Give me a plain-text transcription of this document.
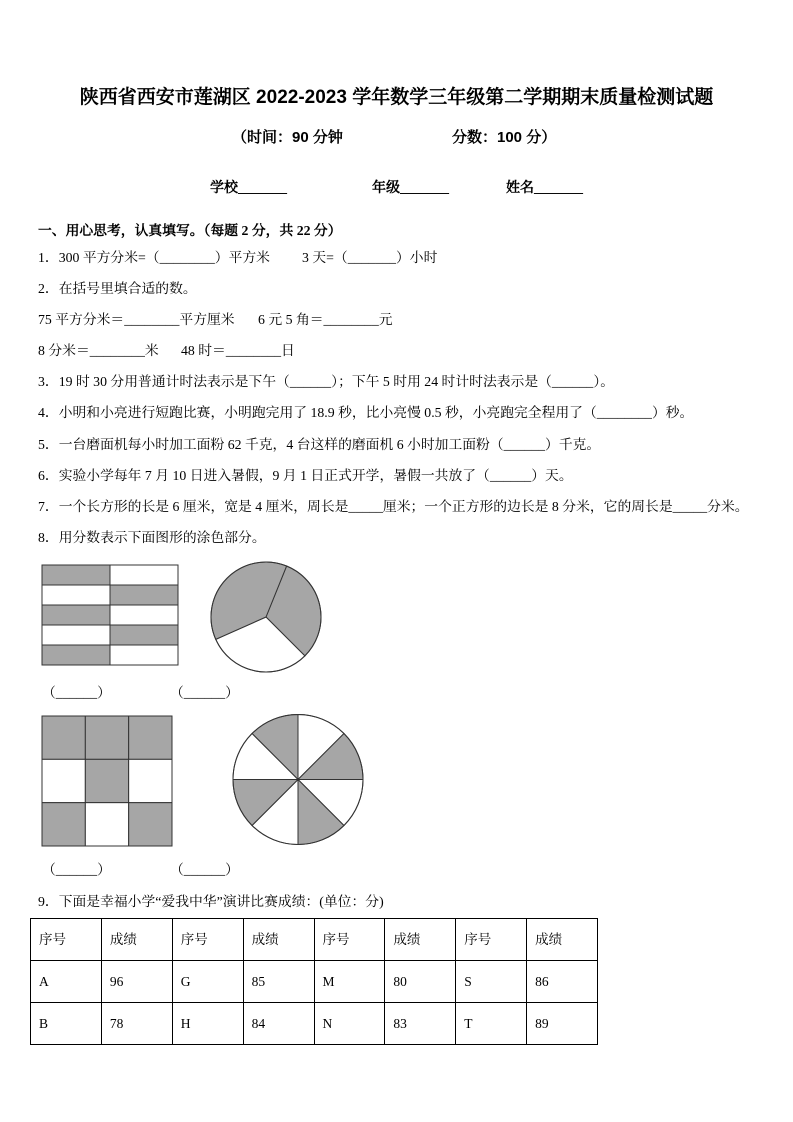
陕西省西安市莲湖区 2022-2023 学年数学三年级第二学期期末质量检测试题
（时间：90 分钟	分数：100 分）
学校_______	年级_______	姓名_______
一、用心思考，认真填写。（每题 2 分，共 22 分）
1．300 平方分米=（________）平方米 3 天=（_______）小时
2．在括号里填合适的数。
75 平方分米＝________平方厘米 6 元 5 角＝________元
8 分米＝________米 48 时＝________日
3．19 时 30 分用普通计时法表示是下午（______）；下午 5 时用 24 时计时法表示是（______）。
4．小明和小亮进行短跑比赛，小明跑完用了 18.9 秒，比小亮慢 0.5 秒，小亮跑完全程用了（________）秒。
5．一台磨面机每小时加工面粉 62 千克，4 台这样的磨面机 6 小时加工面粉（______）千克。
6．实验小学每年 7 月 10 日进入暑假，9 月 1 日正式开学，暑假一共放了（______）天。
7．一个长方形的长是 6 厘米，宽是 4 厘米，周长是_____厘米；一个正方形的边长是 8 分米，它的周长是_____分米。
8．用分数表示下面图形的涂色部分。
（______）	（______）
（______）	（______）
9．下面是幸福小学“爱我中华”演讲比赛成绩：(单位：分)
序号	成绩	序号	成绩	序号	成绩	序号	成绩
A	96	G	85	M	80	S	86
B	78	H	84	N	83	T	89
